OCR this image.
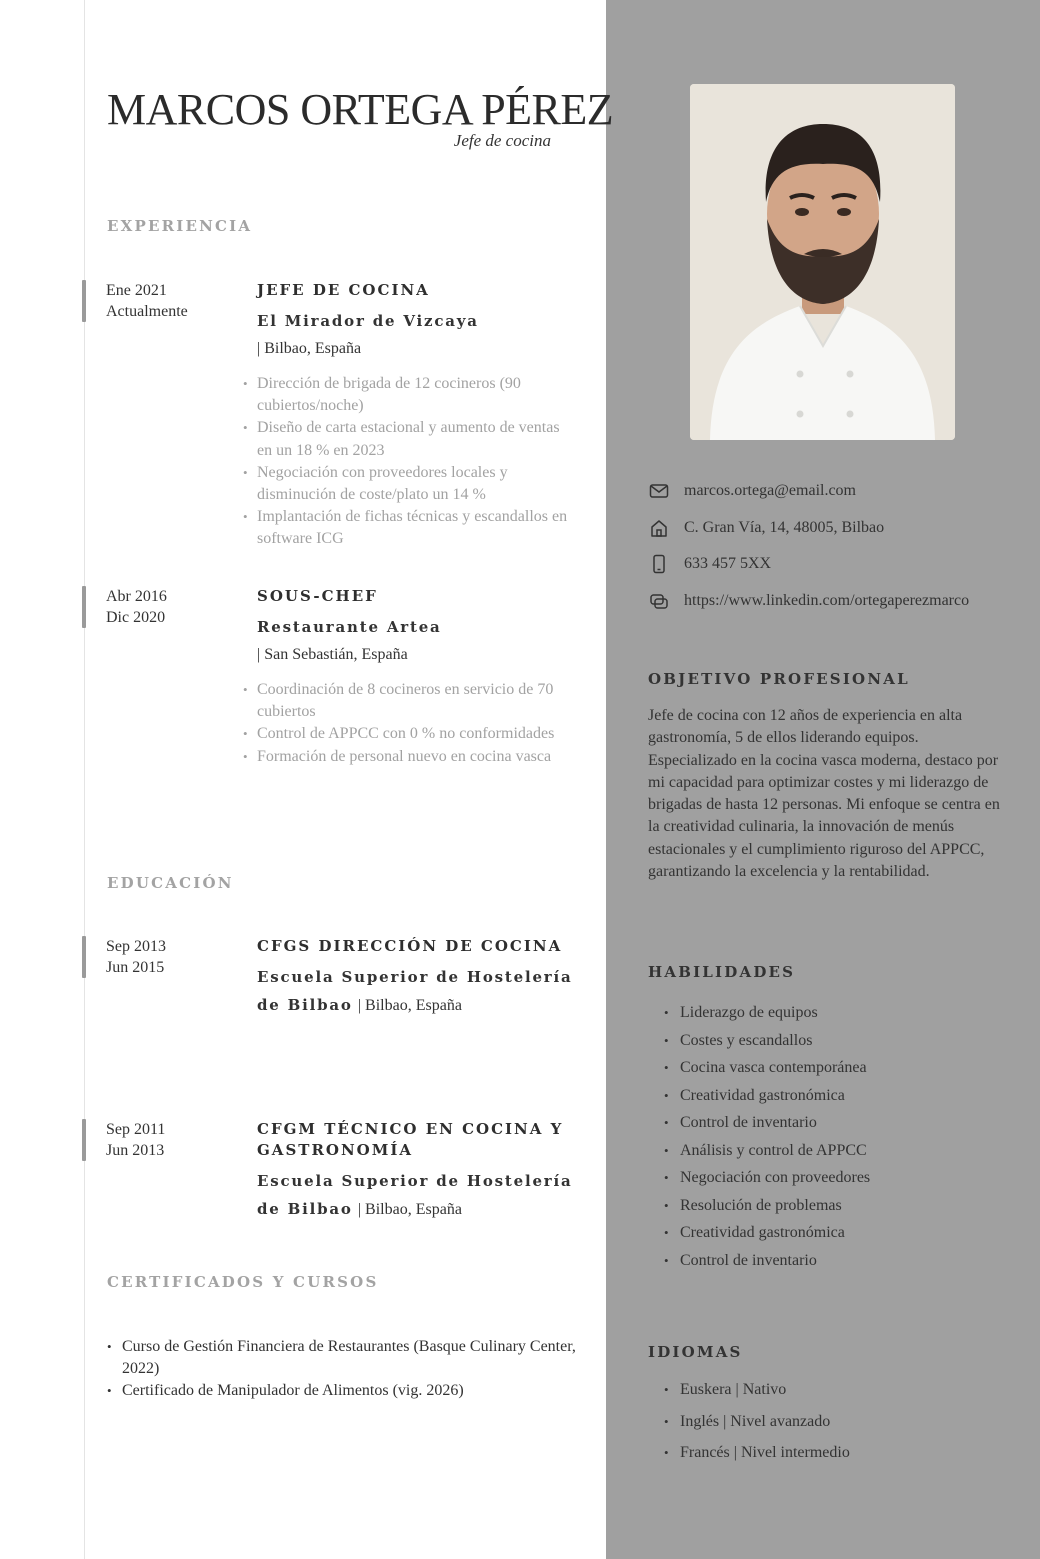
MARCOS ORTEGA PÉREZ
Jefe de cocina
EXPERIENCIA
Ene 2021
Actualmente
JEFE DE COCINA
El Mirador de Vizcaya
| Bilbao, España
• Dirección de brigada de 12 cocineros (90 cubiertos/noche)
• Diseño de carta estacional y aumento de ventas en un 18 % en 2023
• Negociación con proveedores locales y disminución de coste/plato un 14 %
• Implantación de fichas técnicas y escandallos en software ICG
Abr 2016
Dic 2020
SOUS-CHEF
Restaurante Artea
| San Sebastián, España
• Coordinación de 8 cocineros en servicio de 70 cubiertos
• Control de APPCC con 0 % no conformidades
• Formación de personal nuevo en cocina vasca
EDUCACIÓN
Sep 2013
Jun 2015
CFGS DIRECCIÓN DE COCINA
Escuela Superior de Hostelería de Bilbao | Bilbao, España
Sep 2011
Jun 2013
CFGM TÉCNICO EN COCINA Y GASTRONOMÍA
Escuela Superior de Hostelería de Bilbao | Bilbao, España
CERTIFICADOS Y CURSOS
• Curso de Gestión Financiera de Restaurantes (Basque Culinary Center, 2022)
• Certificado de Manipulador de Alimentos (vig. 2026)
marcos.ortega@email.com
C. Gran Vía, 14, 48005, Bilbao
633 457 5XX
https://www.linkedin.com/ortegaperezmarco
OBJETIVO PROFESIONAL

Jefe de cocina con 12 años de experiencia en alta gastronomía, 5 de ellos liderando equipos. Especializado en la cocina vasca moderna, destaco por mi capacidad para optimizar costes y mi liderazgo de brigadas de hasta 12 personas. Mi enfoque se centra en la creatividad culinaria, la innovación de menús estacionales y el cumplimiento riguroso del APPCC, garantizando la excelencia y la rentabilidad.

HABILIDADES
• Liderazgo de equipos
• Costes y escandallos
• Cocina vasca contemporánea
• Creatividad gastronómica
• Control de inventario
• Análisis y control de APPCC
• Negociación con proveedores
• Resolución de problemas
• Creatividad gastronómica
• Control de inventario
IDIOMAS
• Euskera | Nativo
• Inglés | Nivel avanzado
• Francés | Nivel intermedio
